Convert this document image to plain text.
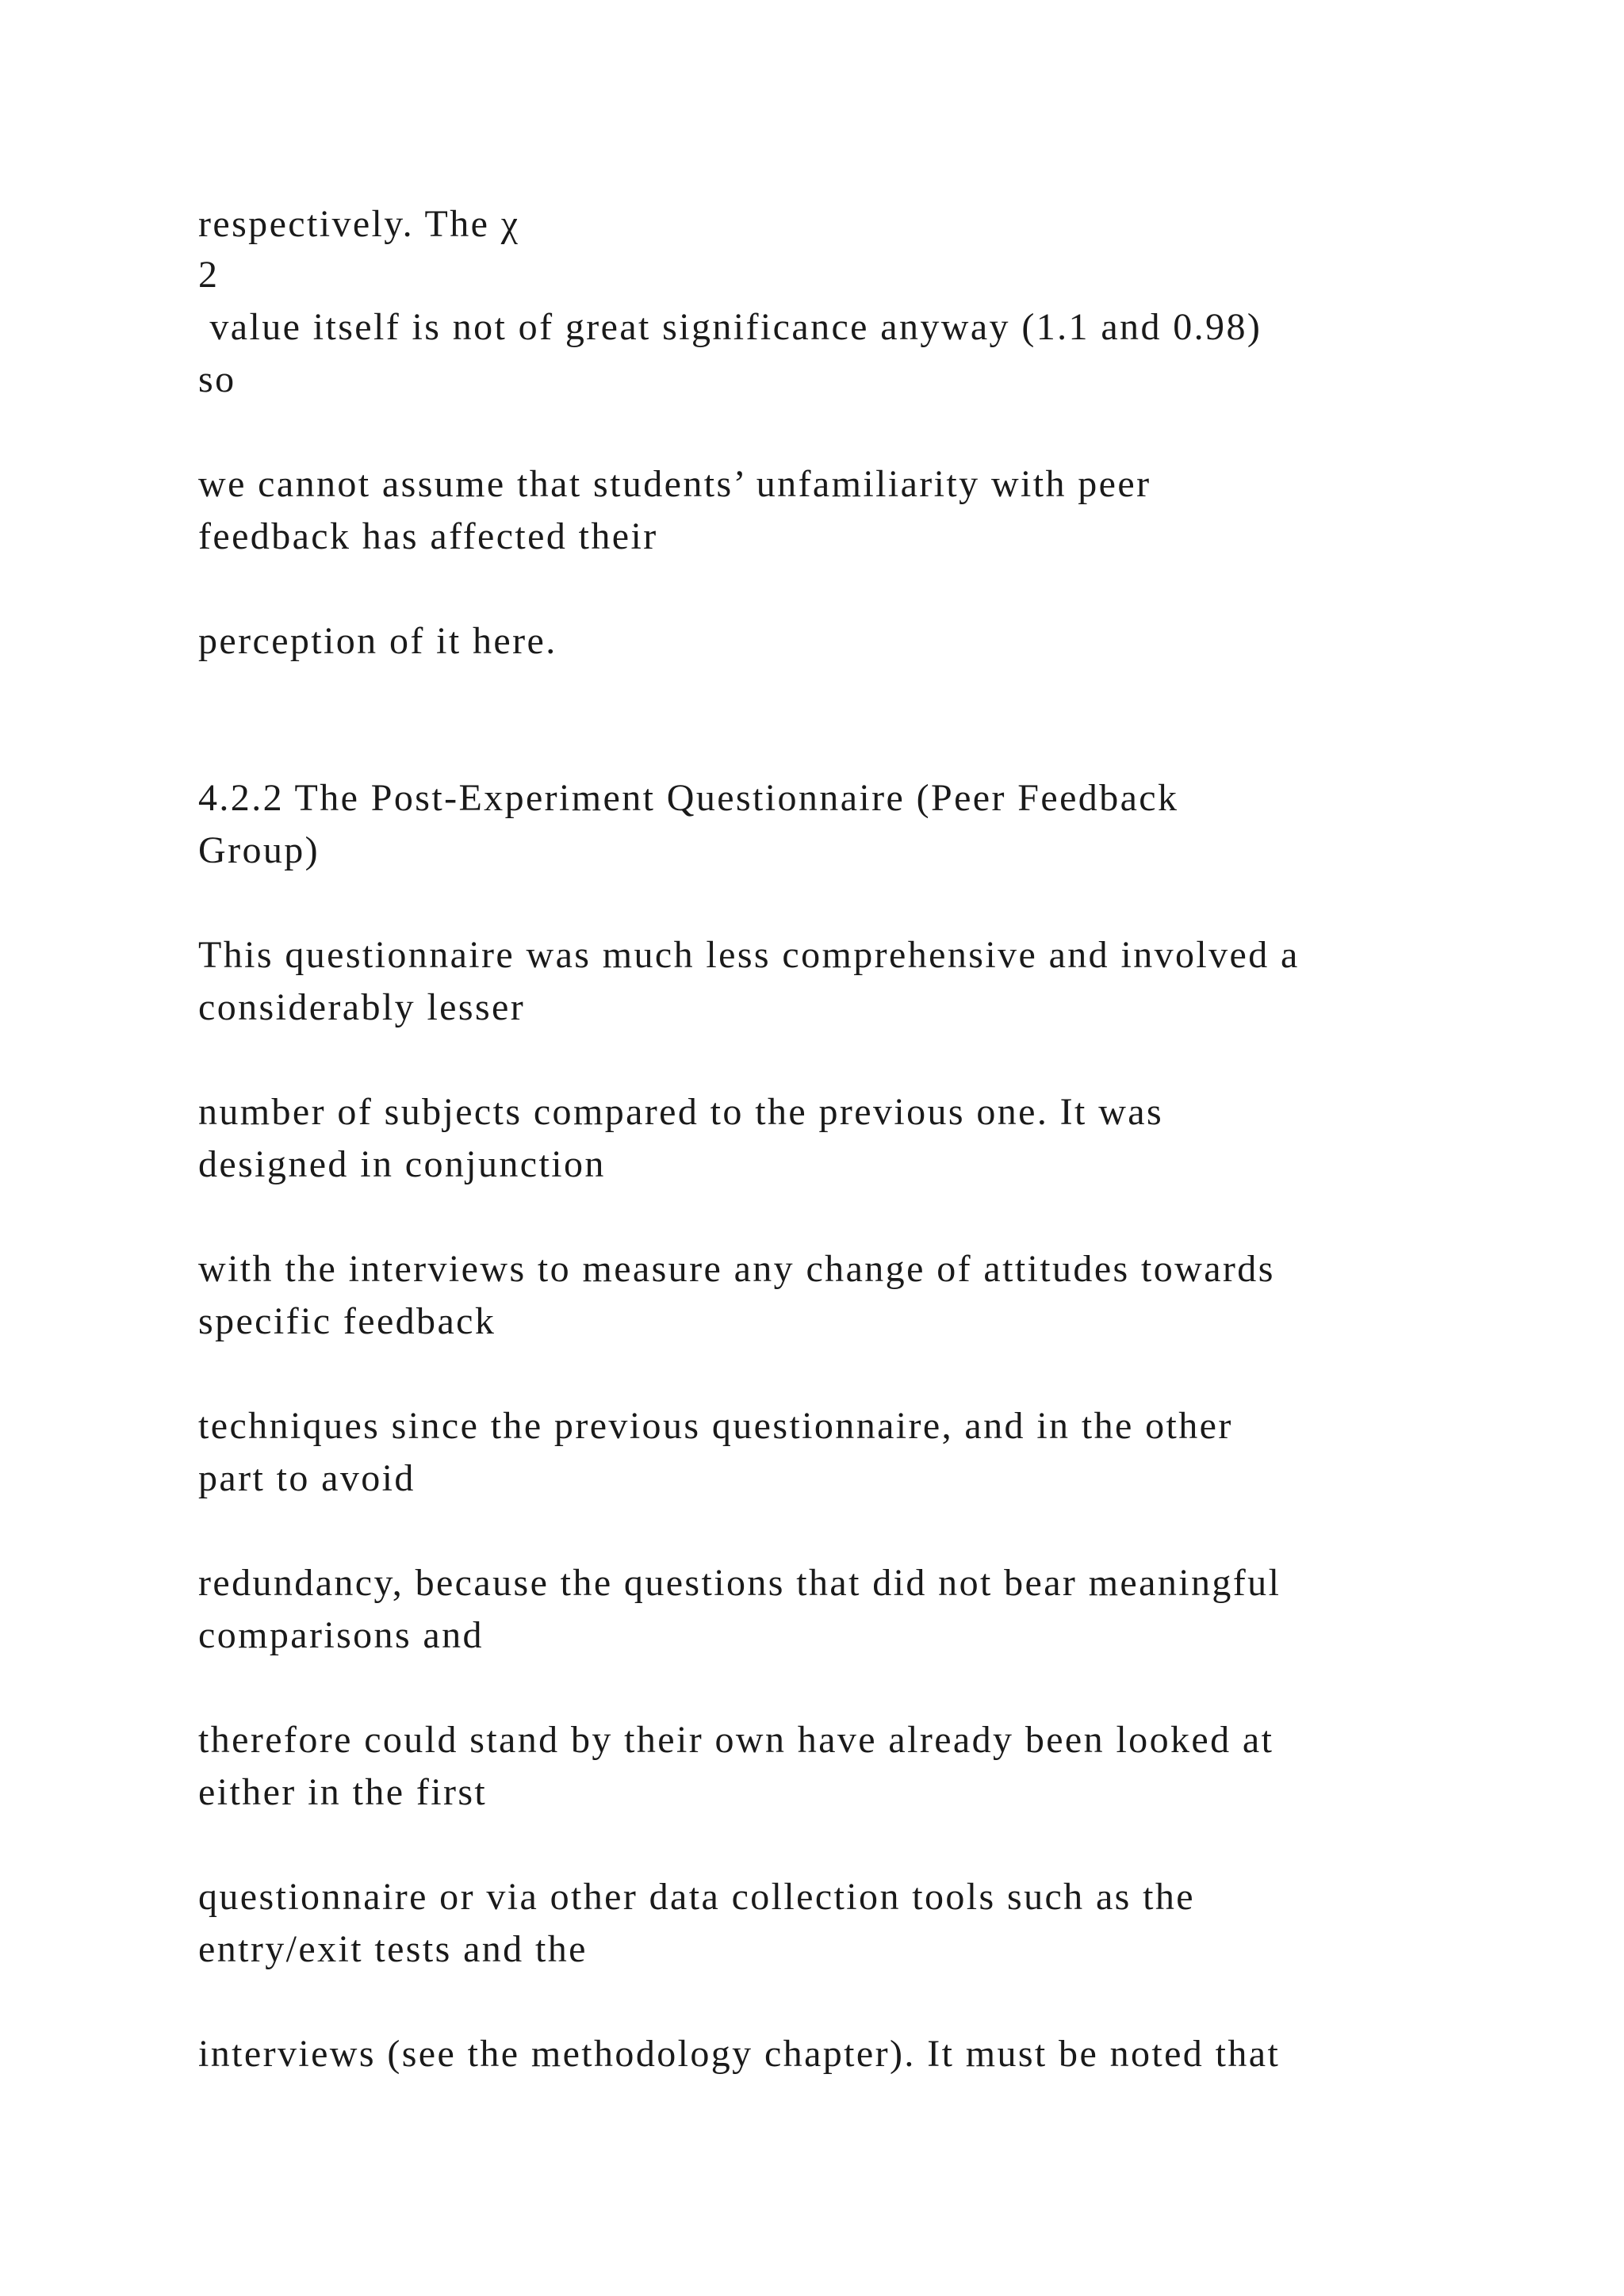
respectively. The χ

2

value itself is not of great significance anyway (1.1 and 0.98)

so

we cannot assume that students’ unfamiliarity with peer

feedback has affected their

perception of it here.

4.2.2 The Post-Experiment Questionnaire (Peer Feedback

Group)

This questionnaire was much less comprehensive and involved a

considerably lesser

number of subjects compared to the previous one. It was

designed in conjunction

with the interviews to measure any change of attitudes towards

specific feedback

techniques since the previous questionnaire, and in the other

part to avoid

redundancy, because the questions that did not bear meaningful

comparisons and

therefore could stand by their own have already been looked at

either in the first

questionnaire or via other data collection tools such as the

entry/exit tests and the

interviews (see the methodology chapter). It must be noted that
